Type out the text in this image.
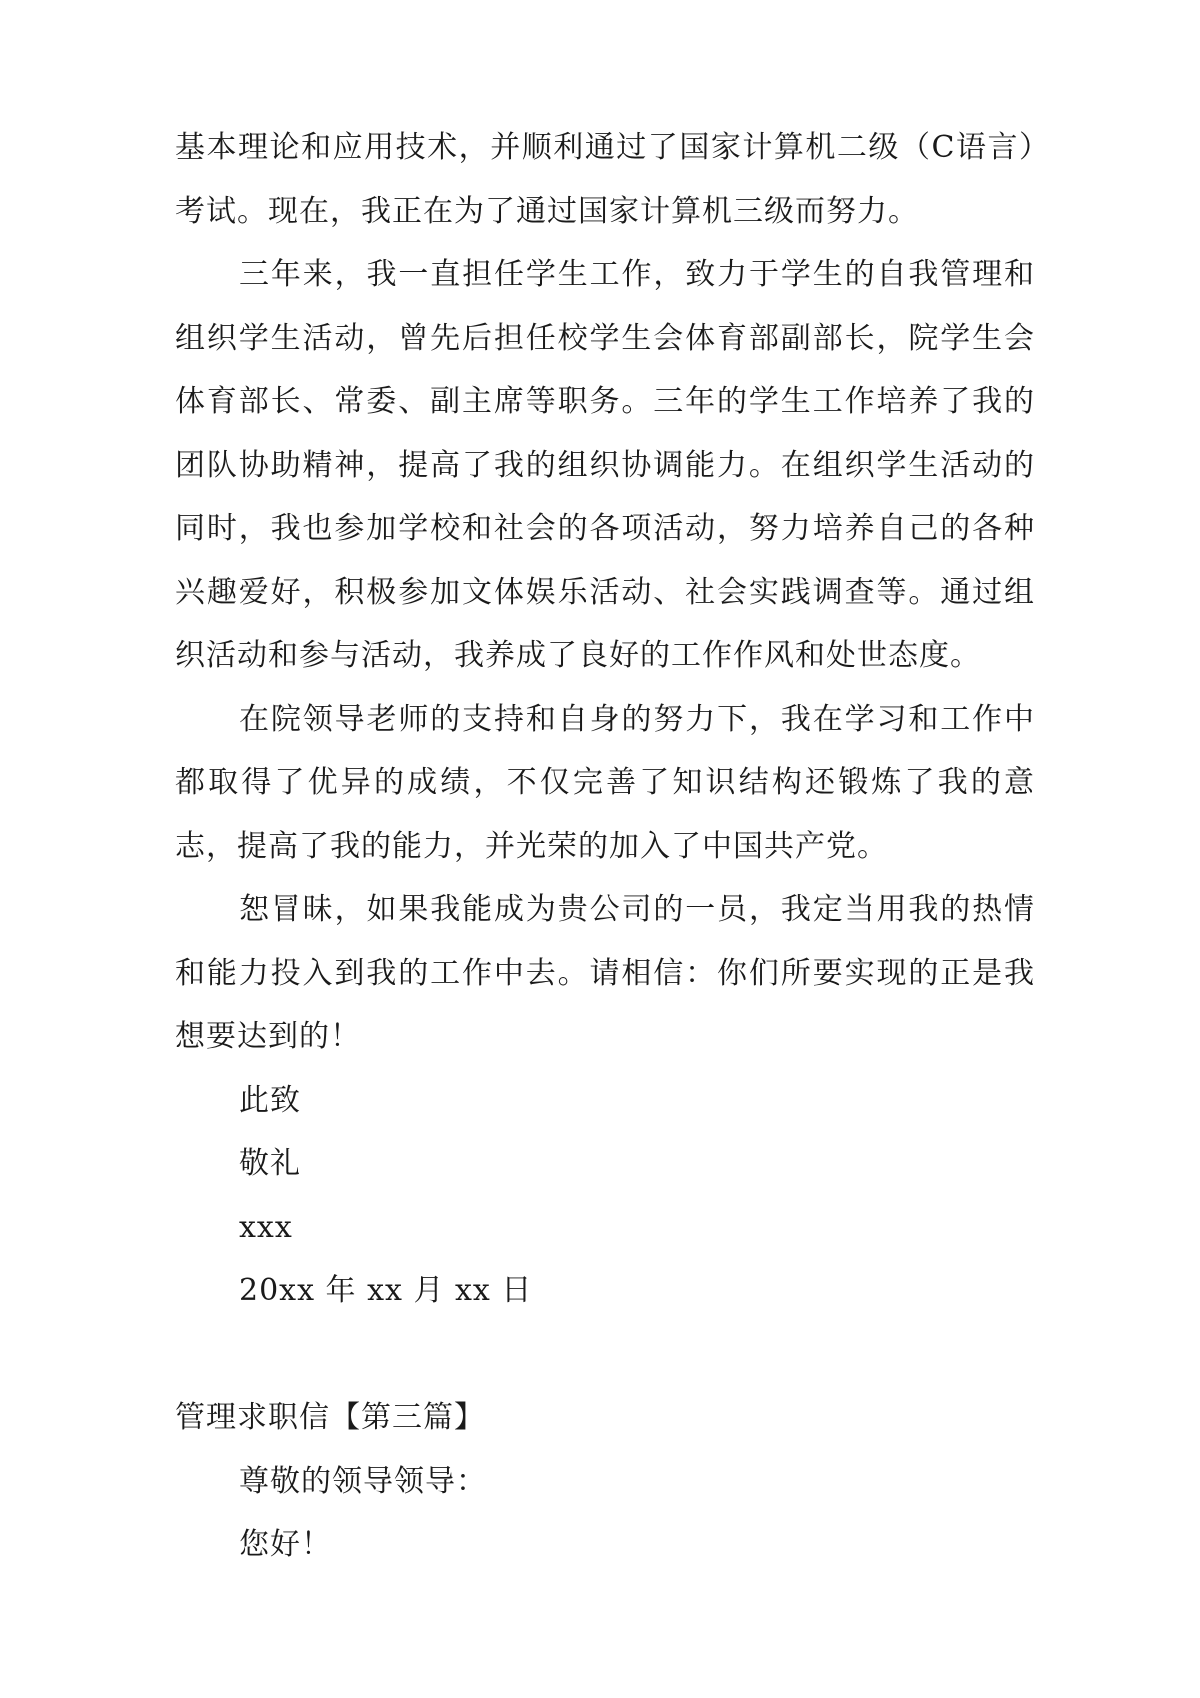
基本理论和应用技术，并顺利通过了国家计算机二级（C语言）考试。现在，我正在为了通过国家计算机三级而努力。

三年来，我一直担任学生工作，致力于学生的自我管理和组织学生活动，曾先后担任校学生会体育部副部长，院学生会体育部长、常委、副主席等职务。三年的学生工作培养了我的团队协助精神，提高了我的组织协调能力。在组织学生活动的同时，我也参加学校和社会的各项活动，努力培养自己的各种兴趣爱好，积极参加文体娱乐活动、社会实践调查等。通过组织活动和参与活动，我养成了良好的工作作风和处世态度。

在院领导老师的支持和自身的努力下，我在学习和工作中都取得了优异的成绩，不仅完善了知识结构还锻炼了我的意志，提高了我的能力，并光荣的加入了中国共产党。

恕冒昧，如果我能成为贵公司的一员，我定当用我的热情和能力投入到我的工作中去。请相信：你们所要实现的正是我想要达到的！

此致

敬礼

xxx

20xx 年 xx 月 xx 日

管理求职信【第三篇】

尊敬的领导领导：

您好！
